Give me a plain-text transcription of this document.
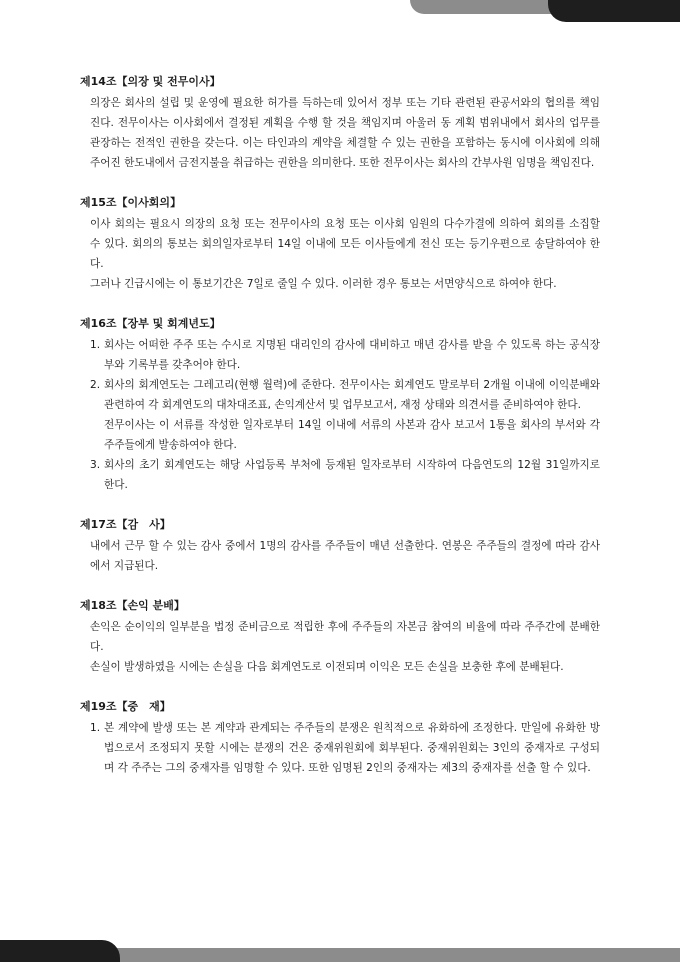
제14조【의장 및 전무이사】

의장은 회사의 설립 및 운영에 필요한 허가를 득하는데 있어서 정부 또는 기타 관련된 관공서와의 협의를 책임진다. 전무이사는 이사회에서 결정된 계획을 수행 할 것을 책임지며 아울러 동 계획 범위내에서 회사의 업무를 관장하는 전적인 권한을 갖는다. 이는 타인과의 계약을 체결할 수 있는 권한을 포함하는 동시에 이사회에 의해 주어진 한도내에서 금전지불을 취급하는 권한을 의미한다. 또한 전무이사는 회사의 간부사원 임명을 책임진다.

제15조【이사회의】

이사 회의는 필요시 의장의 요청 또는 전무이사의 요청 또는 이사회 임원의 다수가결에 의하여 회의를 소집할 수 있다. 회의의 통보는 회의일자로부터 14일 이내에 모든 이사들에게 전신 또는 등기우편으로 송달하여야 한다.

그러나 긴급시에는 이 통보기간은 7일로 줄일 수 있다. 이러한 경우 통보는 서면양식으로 하여야 한다.

제16조【장부 및 회계년도】
1. 회사는 어떠한 주주 또는 수시로 지명된 대리인의 감사에 대비하고 매년 감사를 받을 수 있도록 하는 공식장부와 기록부를 갖추어야 한다.
2. 회사의 회계연도는 그레고리(현행 월력)에 준한다. 전무이사는 회계연도 말로부터 2개월 이내에 이익분배와 관련하여 각 회계연도의 대차대조표, 손익계산서 및 업무보고서, 재정 상태와 의견서를 준비하여야 한다.
전무이사는 이 서류를 작성한 일자로부터 14일 이내에 서류의 사본과 감사 보고서 1통을 회사의 부서와 각 주주들에게 발송하여야 한다.
3. 회사의 초기 회계연도는 해당 사업등록 부처에 등재된 일자로부터 시작하여 다음연도의 12월 31일까지로 한다.
제17조【감　사】

내에서 근무 할 수 있는 감사 중에서 1명의 감사를 주주들이 매년 선출한다. 연봉은 주주들의 결정에 따라 감사에서 지급된다.

제18조【손익 분배】

손익은 순이익의 일부분을 법정 준비금으로 적립한 후에 주주들의 자본금 참여의 비율에 따라 주주간에 분배한다.

손실이 발생하였을 시에는 손실을 다음 회계연도로 이전되며 이익은 모든 손실을 보충한 후에 분배된다.

제19조【중　재】
1. 본 계약에 발생 또는 본 계약과 관계되는 주주들의 분쟁은 원칙적으로 유화하에 조정한다. 만일에 유화한 방법으로서 조정되지 못할 시에는 분쟁의 건은 중재위원회에 회부된다. 중재위원회는 3인의 중재자로 구성되며 각 주주는 그의 중재자를 임명할 수 있다. 또한 임명된 2인의 중재자는 제3의 중재자를 선출 할 수 있다.
